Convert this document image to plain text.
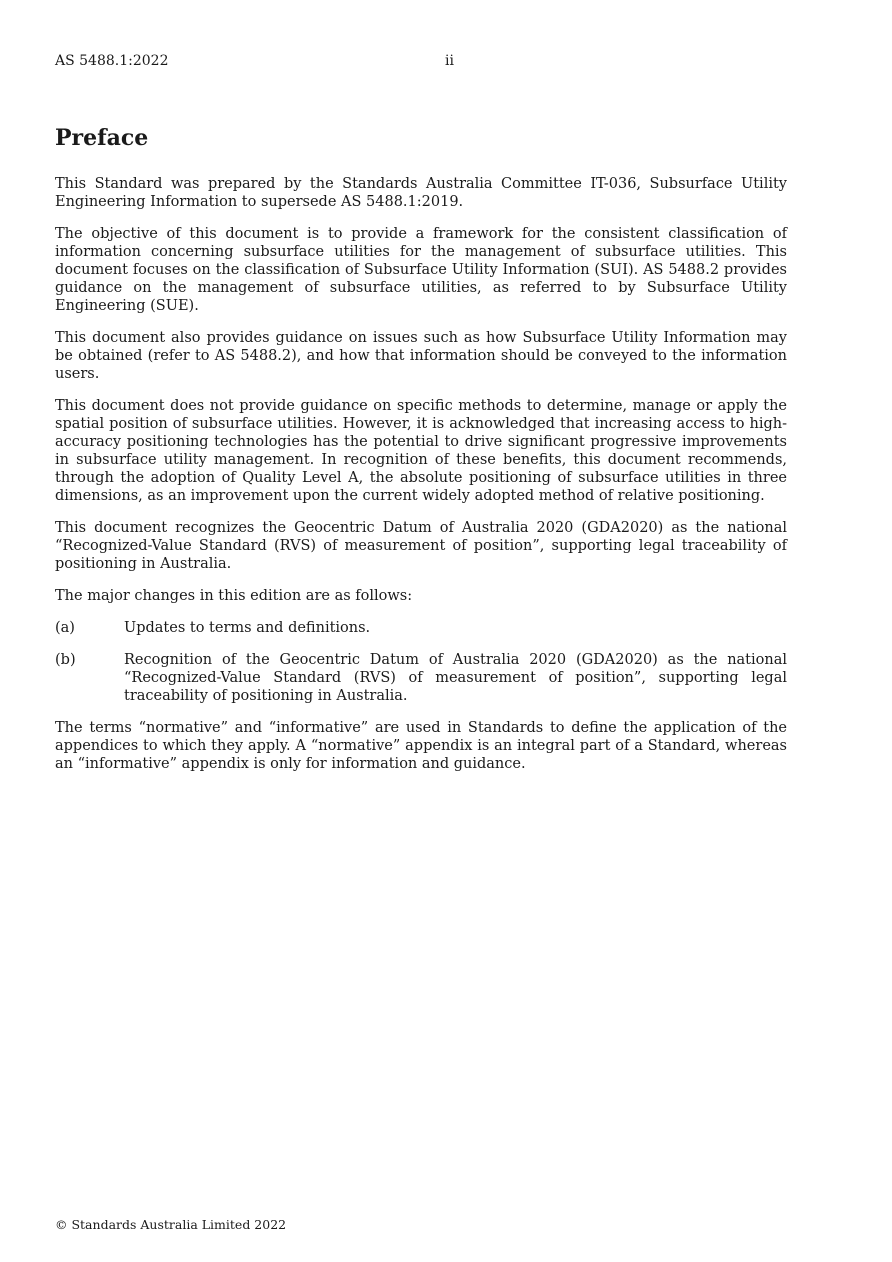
AS 5488.1:2022	ii
Preface

This Standard was prepared by the Standards Australia Committee IT-036, Subsurface Utility Engineering Information to supersede AS 5488.1:2019.

The objective of this document is to provide a framework for the consistent classification of information concerning subsurface utilities for the management of subsurface utilities. This document focuses on the classification of Subsurface Utility Information (SUI). AS 5488.2 provides guidance on the management of subsurface utilities, as referred to by Subsurface Utility Engineering (SUE).

This document also provides guidance on issues such as how Subsurface Utility Information may be obtained (refer to AS 5488.2), and how that information should be conveyed to the information users.

This document does not provide guidance on specific methods to determine, manage or apply the spatial position of subsurface utilities. However, it is acknowledged that increasing access to high-accuracy positioning technologies has the potential to drive significant progressive improvements in subsurface utility management. In recognition of these benefits, this document recommends, through the adoption of Quality Level A, the absolute positioning of subsurface utilities in three dimensions, as an improvement upon the current widely adopted method of relative positioning.

This document recognizes the Geocentric Datum of Australia 2020 (GDA2020) as the national “Recognized-Value Standard (RVS) of measurement of position”, supporting legal traceability of positioning in Australia.

The major changes in this edition are as follows:

(a)	Updates to terms and definitions.
(b)	Recognition of the Geocentric Datum of Australia 2020 (GDA2020) as the national “Recognized-Value Standard (RVS) of measurement of position”, supporting legal traceability of positioning in Australia.

The terms “normative” and “informative” are used in Standards to define the application of the appendices to which they apply. A “normative” appendix is an integral part of a Standard, whereas an “informative” appendix is only for information and guidance.

© Standards Australia Limited 2022
